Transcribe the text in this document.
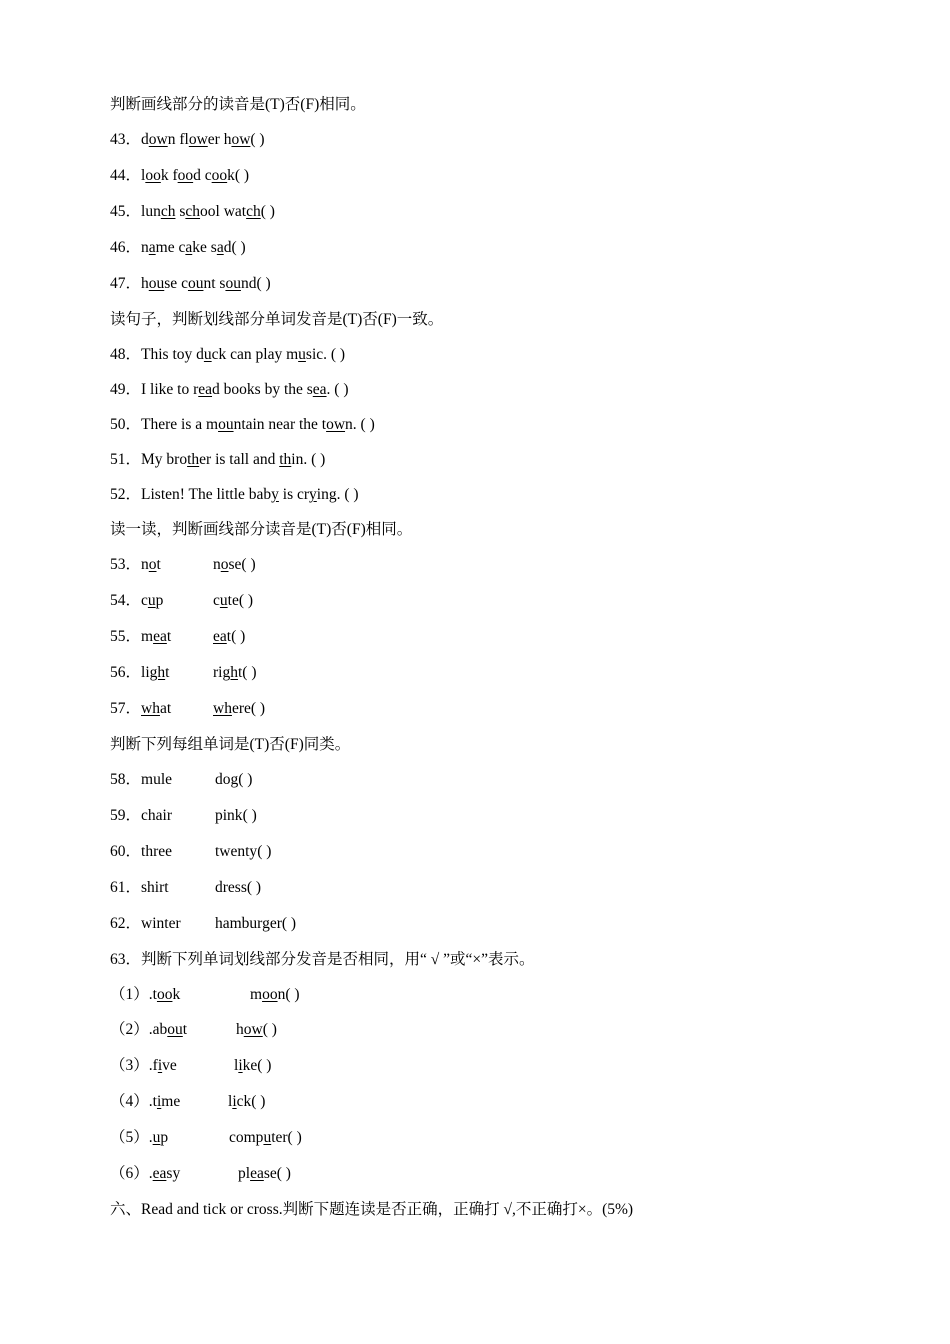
判断画线部分的读音是(T)否(F)相同。
43．down flower how( )
44．look food cook( )
45．lunch school watch( )
46．name cake sad( )
47．house count sound( )
读句子，判断划线部分单词发音是(T)否(F)一致。
48．This toy duck can play music. ( )
49．I like to read books by the sea. ( )
50．There is a mountain near the town. ( )
51．My brother is tall and thin. ( )
52．Listen! The little baby is crying. ( )
读一读，判断画线部分读音是(T)否(F)相同。
53．not	nose( )
54．cup	cute( )
55．meat	eat( )
56．light	right( )
57．what	where( )
判断下列每组单词是(T)否(F)同类。
58．mule	dog( )
59．chair	pink( )
60．three	twenty( )
61．shirt	dress( )
62．winter hamburger( )
63．判断下列单词划线部分发音是否相同，用“ √ ”或“×”表示。
（1）.took	moon( )
（2）.about	how( )
（3）.five	like( )
（4）.time	lick( )
（5）.up	computer( )
（6）.easy	please( )
六、Read and tick or cross.判断下题连读是否正确，正确打 √,不正确打×。(5%)
